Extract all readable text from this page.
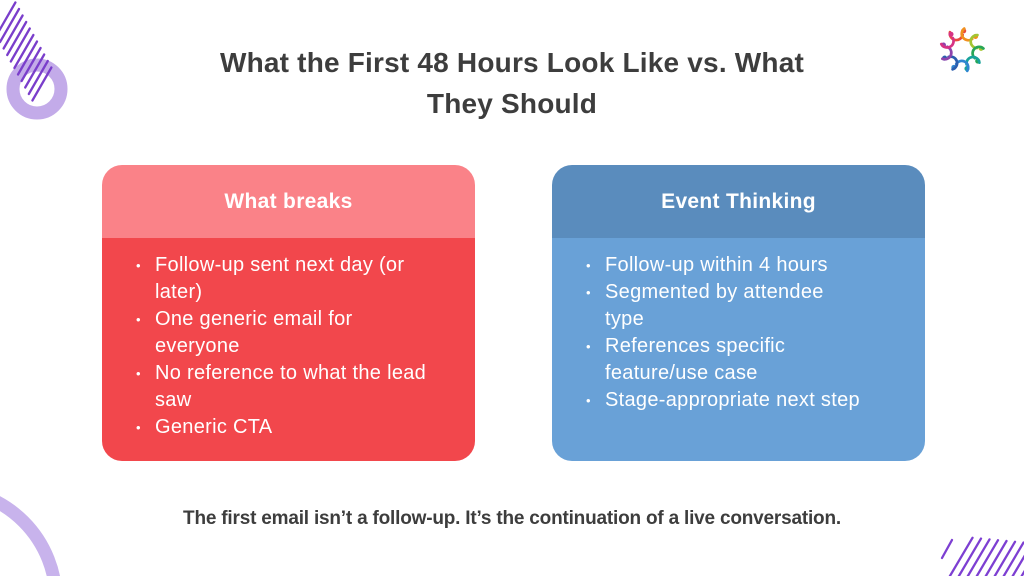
What the First 48 Hours Look Like vs. What
They Should
What breaks
• Follow-up sent next day (or later)
• One generic email for everyone
• No reference to what the lead saw
• Generic CTA
Event Thinking
• Follow-up within 4 hours
• Segmented by attendee type
• References specific feature/use case
• Stage-appropriate next step
The first email isn’t a follow-up. It’s the continuation of a live conversation.
